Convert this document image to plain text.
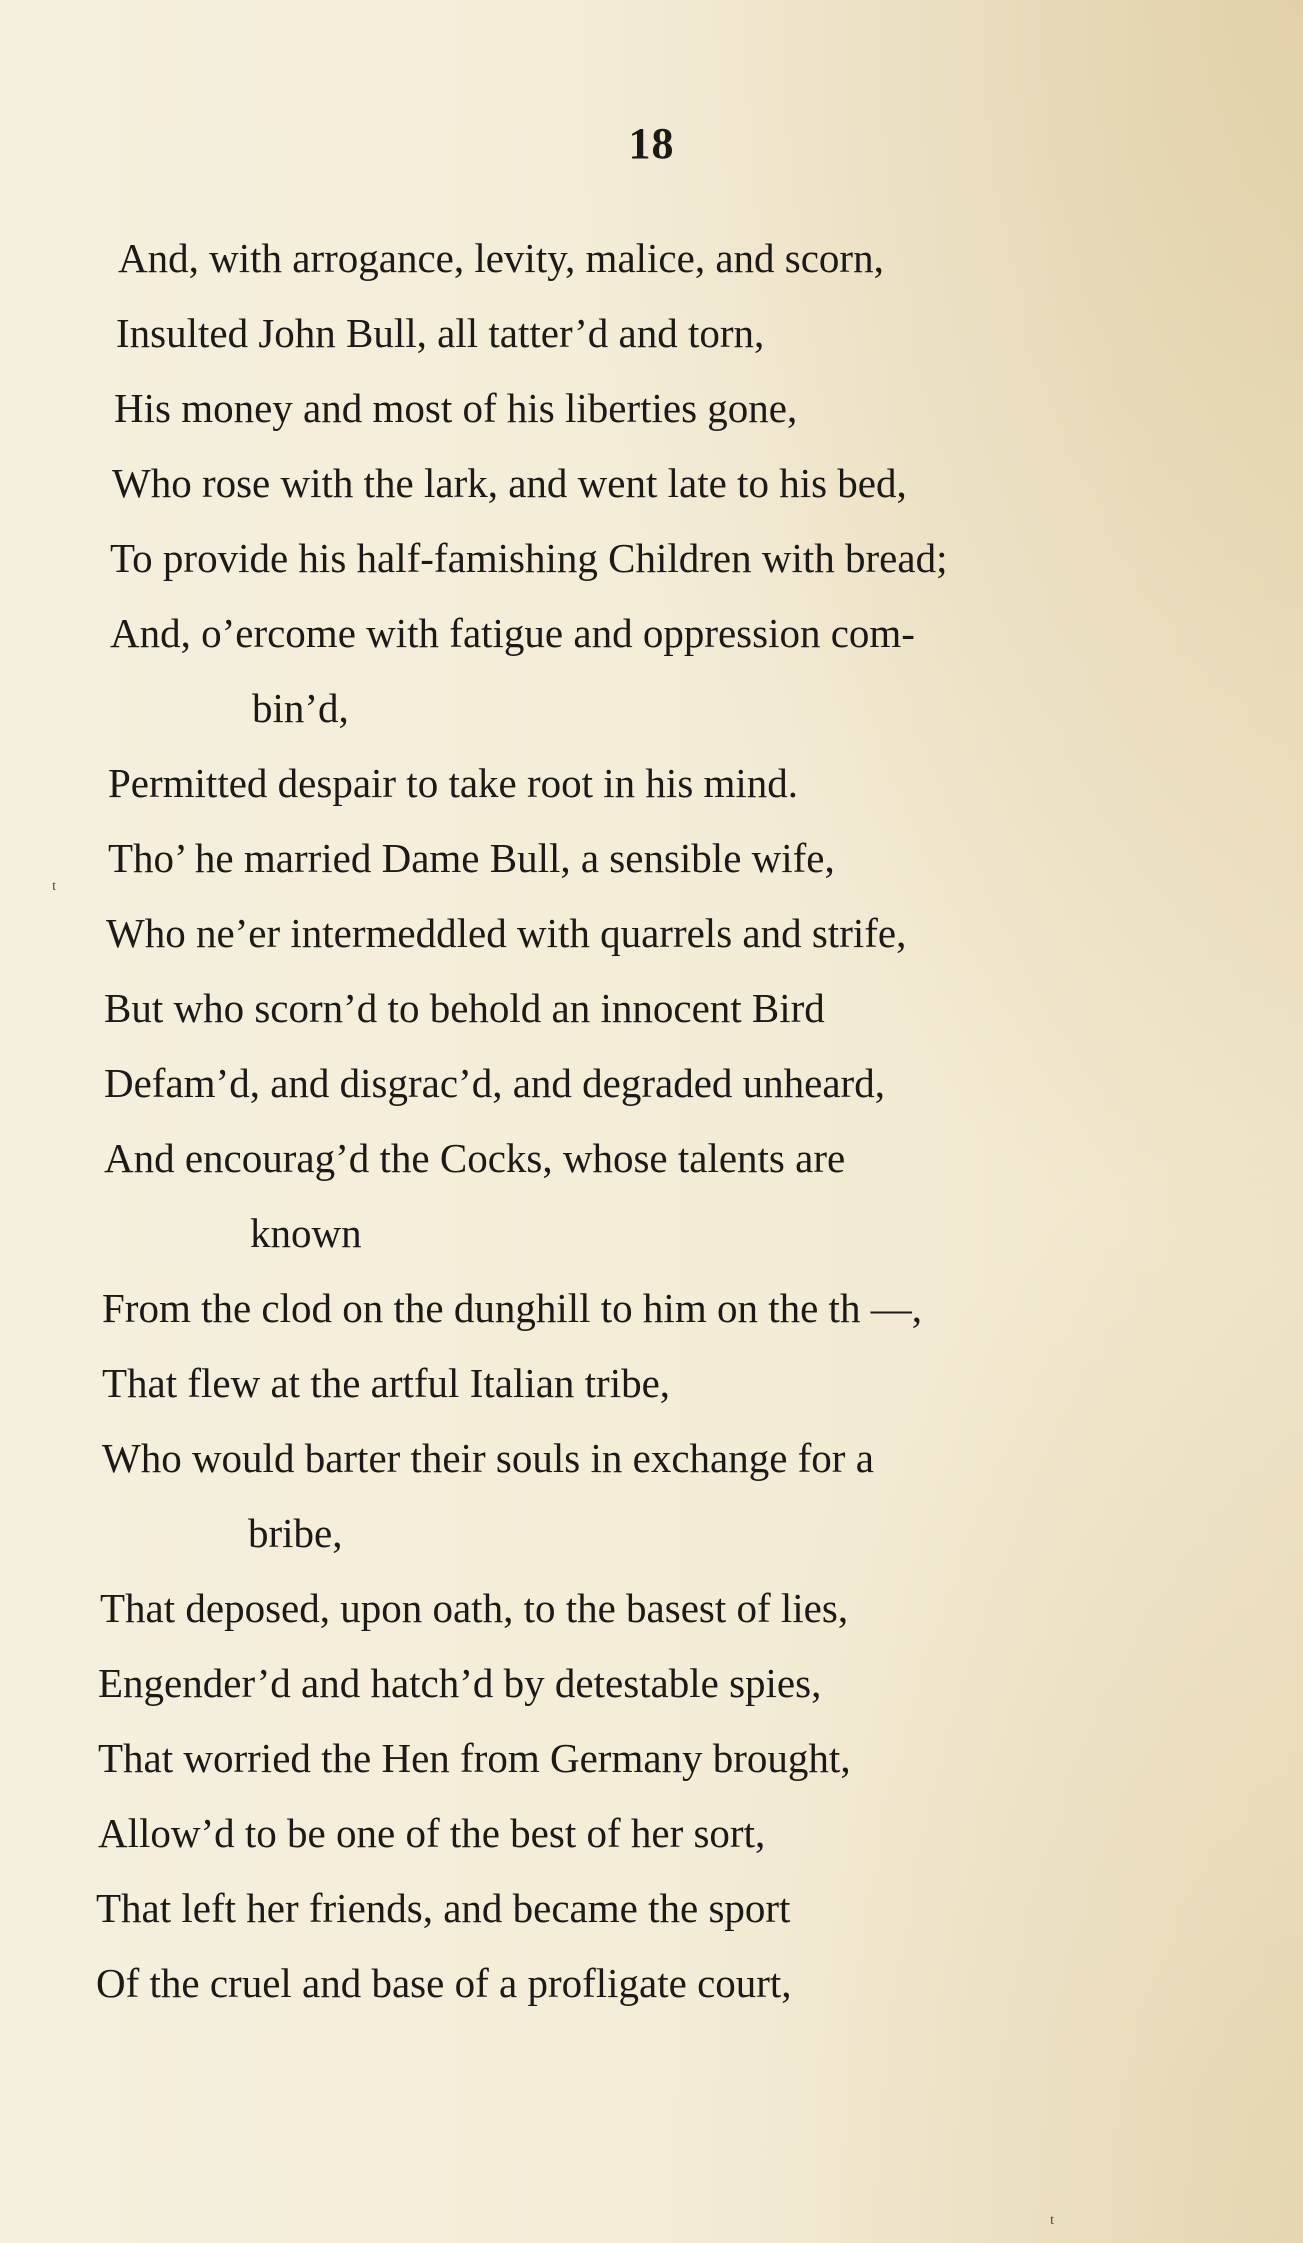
18
And, with arrogance, levity, malice, and scorn,
Insulted John Bull, all tatter’d and torn,
His money and most of his liberties gone,
Who rose with the lark, and went late to his bed,
To provide his half-famishing Children with bread;
And, o’ercome with fatigue and oppression com-
bin’d,
Permitted despair to take root in his mind.
Tho’ he married Dame Bull, a sensible wife,
Who ne’er intermeddled with quarrels and strife,
But who scorn’d to behold an innocent Bird
Defam’d, and disgrac’d, and degraded unheard,
And encourag’d the Cocks, whose talents are
known
From the clod on the dunghill to him on the th —,
That flew at the artful Italian tribe,
Who would barter their souls in exchange for a
bribe,
That deposed, upon oath, to the basest of lies,
Engender’d and hatch’d by detestable spies,
That worried the Hen from Germany brought,
Allow’d to be one of the best of her sort,
That left her friends, and became the sport
Of the cruel and base of a profligate court,
ᵗ
ᵗ
